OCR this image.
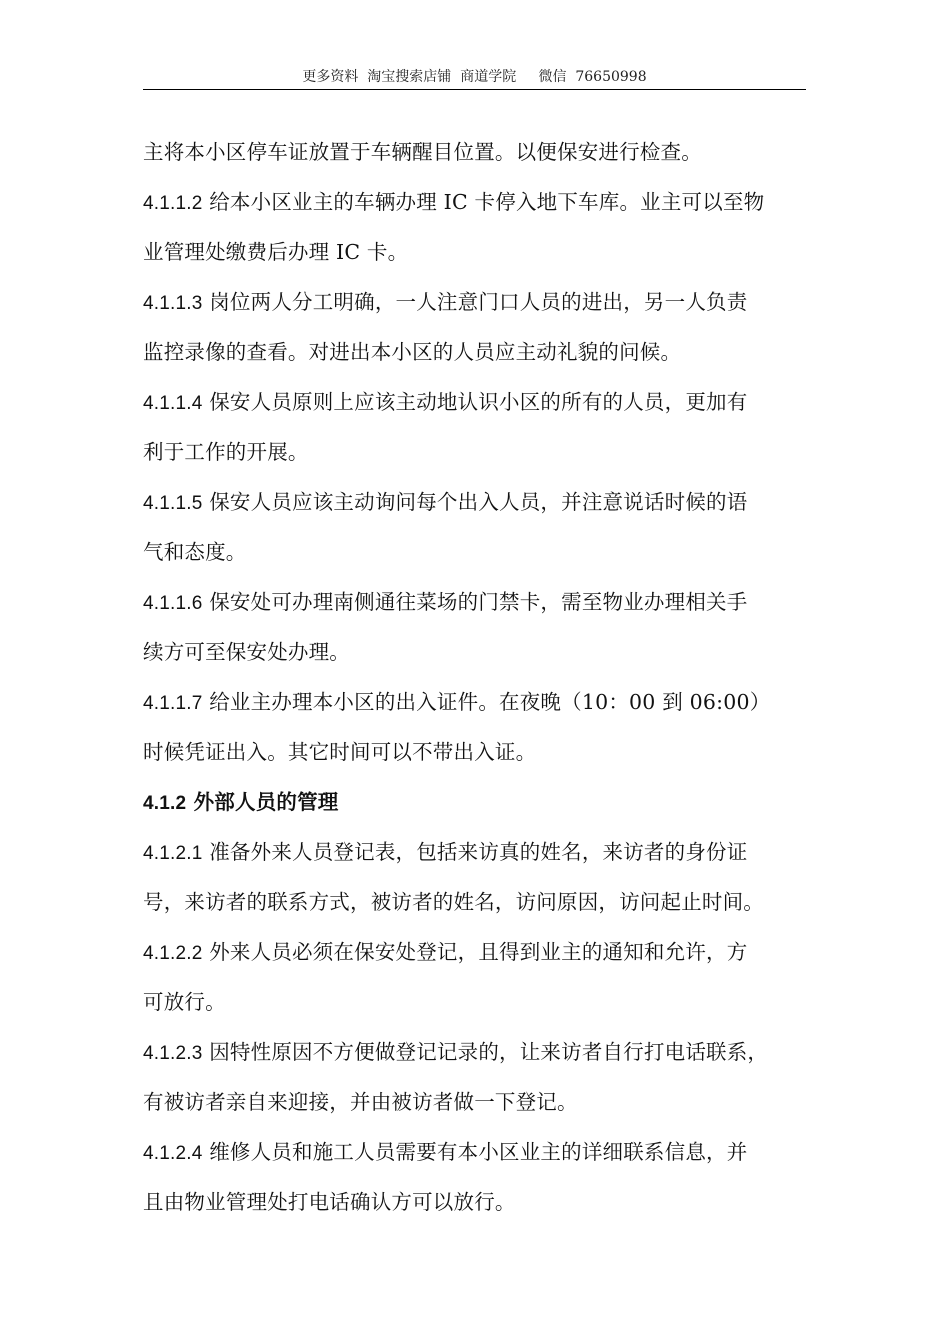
更多资料  淘宝搜索店铺  商道学院     微信  76650998
主将本小区停车证放置于车辆醒目位置。以便保安进行检查。
4.1.1.2 给本小区业主的车辆办理 IC 卡停入地下车库。业主可以至物
业管理处缴费后办理 IC 卡。
4.1.1.3 岗位两人分工明确，一人注意门口人员的进出，另一人负责
监控录像的查看。对进出本小区的人员应主动礼貌的问候。
4.1.1.4 保安人员原则上应该主动地认识小区的所有的人员，更加有
利于工作的开展。
4.1.1.5 保安人员应该主动询问每个出入人员，并注意说话时候的语
气和态度。
4.1.1.6 保安处可办理南侧通往菜场的门禁卡，需至物业办理相关手
续方可至保安处办理。
4.1.1.7 给业主办理本小区的出入证件。在夜晚（10：00 到 06:00）
时候凭证出入。其它时间可以不带出入证。
4.1.2 外部人员的管理
4.1.2.1 准备外来人员登记表，包括来访真的姓名，来访者的身份证
号，来访者的联系方式，被访者的姓名，访问原因，访问起止时间。
4.1.2.2 外来人员必须在保安处登记，且得到业主的通知和允许，方
可放行。
4.1.2.3 因特性原因不方便做登记记录的，让来访者自行打电话联系，
有被访者亲自来迎接，并由被访者做一下登记。
4.1.2.4 维修人员和施工人员需要有本小区业主的详细联系信息，并
且由物业管理处打电话确认方可以放行。
